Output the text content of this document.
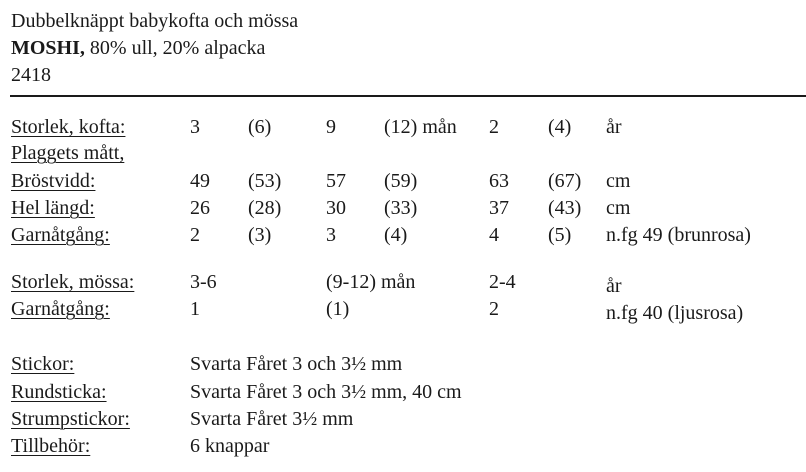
Dubbelknäppt babykofta och mössa
MOSHI, 80% ull, 20% alpacka
2418
Storlek, kofta:	3 (6)	9 (12) mån 2 (4) år
Plaggets mått,
Bröstvidd:	49 (53) 57 (59)	63 (67) cm
Hel längd:	26 (28) 30 (33)	37 (43) cm
Garnåtgång:	2 (3)	3 (4)	4 (5) n.fg 49 (brunrosa)
Storlek, mössa:	3-6	(9-12) mån	2-4	år
Garnåtgång:	1	(1)	2	n.fg 40 (ljusrosa)
Stickor:	Svarta Fåret 3 och 3½ mm
Rundsticka:	Svarta Fåret 3 och 3½ mm, 40 cm
Strumpstickor:	Svarta Fåret 3½ mm
Tillbehör:	6 knappar
